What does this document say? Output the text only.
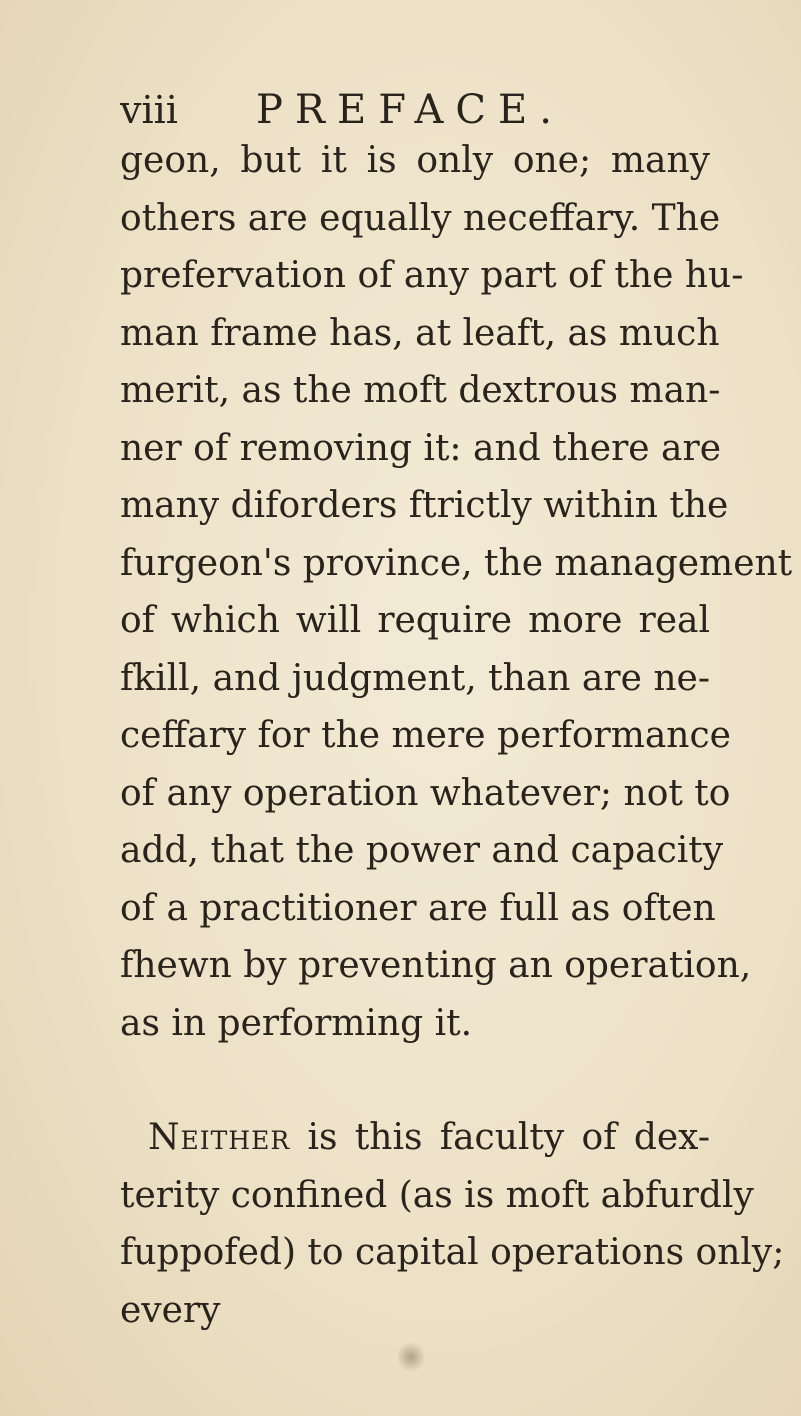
viii PREFACE.
geon, but it is only one; many
others are equally neceffary. The
prefervation of any part of the hu-
man frame has, at leaft, as much
merit, as the moft dextrous man-
ner of removing it: and there are
many diforders ftrictly within the
furgeon's province, the management
of which will require more real
fkill, and judgment, than are ne-
ceffary for the mere performance
of any operation whatever; not to
add, that the power and capacity
of a practitioner are full as often
fhewn by preventing an operation,
as in performing it.
Neither is this faculty of dex-
terity confined (as is moft abfurdly
fuppofed) to capital operations only;
every
